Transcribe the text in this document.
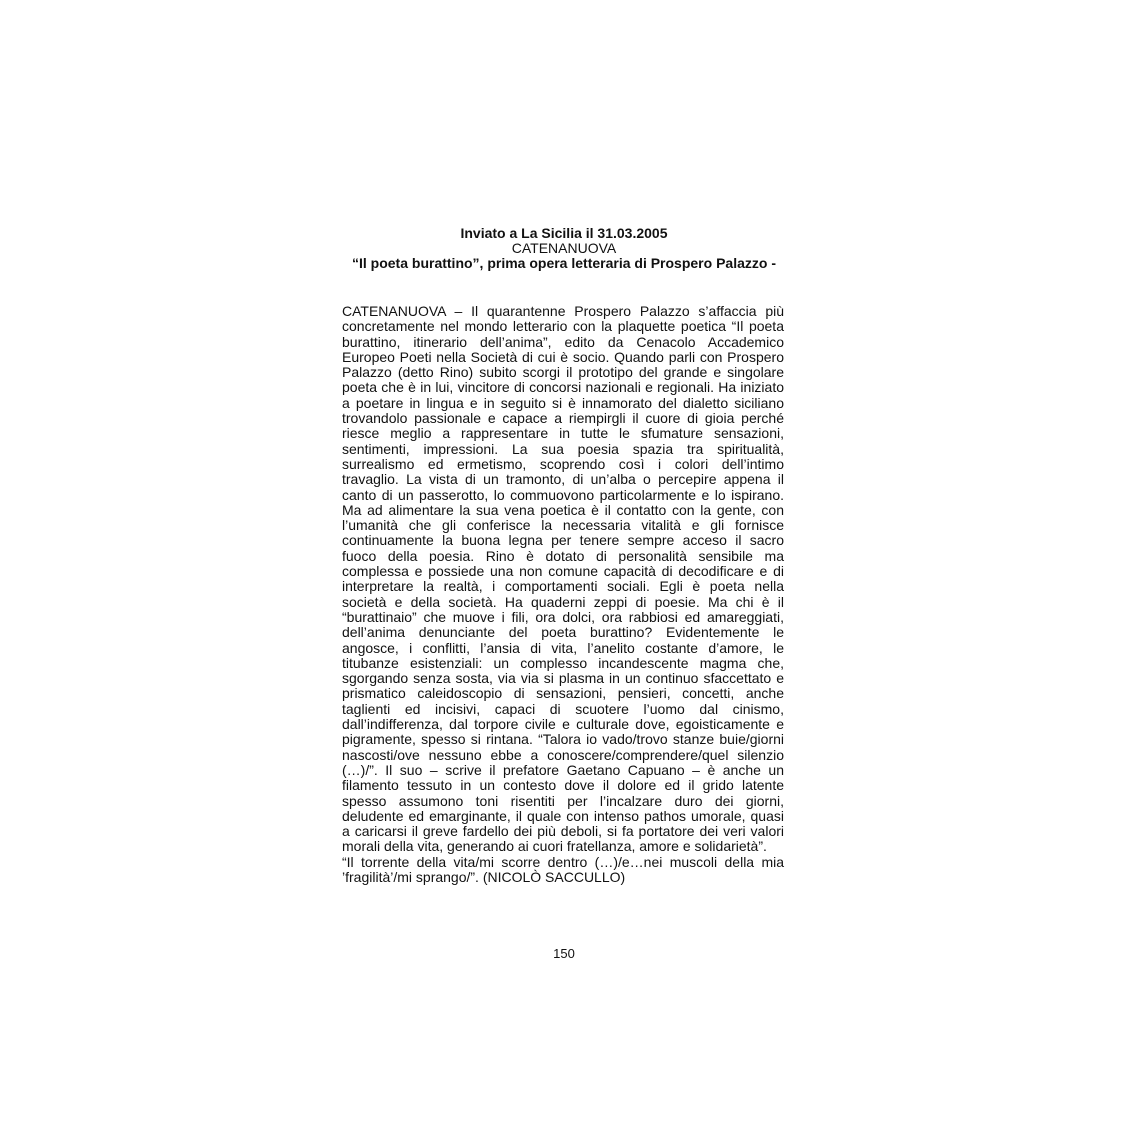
Inviato a La Sicilia il 31.03.2005
CATENANUOVA
“Il poeta burattino”, prima opera letteraria di Prospero Palazzo -
CATENANUOVA – Il quarantenne Prospero Palazzo s’affaccia più
concretamente nel mondo letterario con la plaquette poetica “Il poeta
burattino, itinerario dell’anima”, edito da Cenacolo Accademico
Europeo Poeti nella Società di cui è socio. Quando parli con Prospero
Palazzo (detto Rino) subito scorgi il prototipo del grande e singolare
poeta che è in lui, vincitore di concorsi nazionali e regionali. Ha iniziato
a poetare in lingua e in seguito si è innamorato del dialetto siciliano
trovandolo passionale e capace a riempirgli il cuore di gioia perché
riesce meglio a rappresentare in tutte le sfumature sensazioni,
sentimenti, impressioni. La sua poesia spazia tra spiritualità,
surrealismo ed ermetismo, scoprendo così i colori dell’intimo
travaglio. La vista di un tramonto, di un’alba o percepire appena il
canto di un passerotto, lo commuovono particolarmente e lo ispirano.
Ma ad alimentare la sua vena poetica è il contatto con la gente, con
l’umanità che gli conferisce la necessaria vitalità e gli fornisce
continuamente la buona legna per tenere sempre acceso il sacro
fuoco della poesia. Rino è dotato di personalità sensibile ma
complessa e possiede una non comune capacità di decodificare e di
interpretare la realtà, i comportamenti sociali. Egli è poeta nella
società e della società. Ha quaderni zeppi di poesie. Ma chi è il
“burattinaio” che muove i fili, ora dolci, ora rabbiosi ed amareggiati,
dell’anima denunciante del poeta burattino? Evidentemente le
angosce, i conflitti, l’ansia di vita, l’anelito costante d’amore, le
titubanze esistenziali: un complesso incandescente magma che,
sgorgando senza sosta, via via si plasma in un continuo sfaccettato e
prismatico caleidoscopio di sensazioni, pensieri, concetti, anche
taglienti ed incisivi, capaci di scuotere l’uomo dal cinismo,
dall’indifferenza, dal torpore civile e culturale dove, egoisticamente e
pigramente, spesso si rintana. “Talora io vado/trovo stanze buie/giorni
nascosti/ove nessuno ebbe a conoscere/comprendere/quel silenzio
(…)/”. Il suo – scrive il prefatore Gaetano Capuano – è anche un
filamento tessuto in un contesto dove il dolore ed il grido latente
spesso assumono toni risentiti per l’incalzare duro dei giorni,
deludente ed emarginante, il quale con intenso pathos umorale, quasi
a caricarsi il greve fardello dei più deboli, si fa portatore dei veri valori
morali della vita, generando ai cuori fratellanza, amore e solidarietà”.
“Il torrente della vita/mi scorre dentro (…)/e…nei muscoli della mia
’fragilità’/mi sprango/”. (NICOLÒ SACCULLO)
150
